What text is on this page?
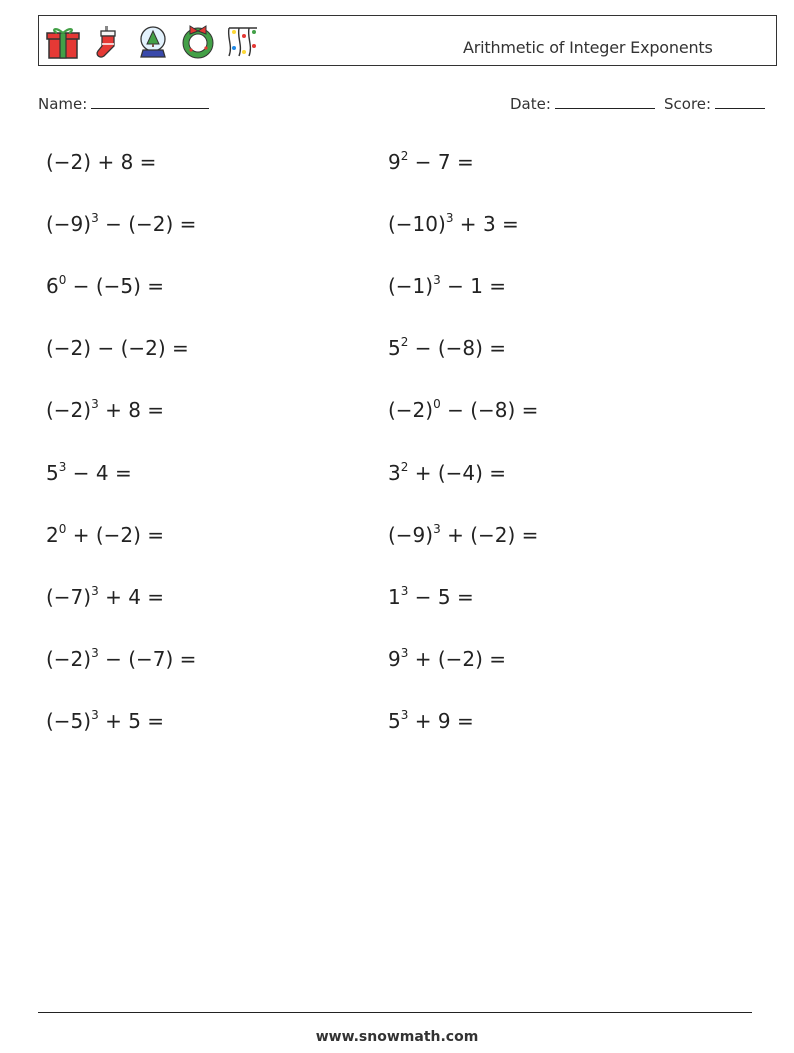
Arithmetic of Integer Exponents
Name:	Date:	Score:
(−2) + 8 =
$(-9)^3 - (-2)$ =
$6^0 - (-5)$ =
(−2) − (−2) =
$(-2)^3 + 8$ =
$5^3 - 4$ =
$2^0 + (-2)$ =
$(-7)^3 + 4$ =
$(-2)^3 - (-7)$ =
$(-5)^3 + 5$ =
$9^2 - 7$ =
$(-10)^3 + 3$ =
$(-1)^3 - 1$ =
$5^2 - (-8)$ =
$(-2)^0 - (-8)$ =
$3^2 + (-4)$ =
$(-9)^3 + (-2)$ =
$1^3 - 5$ =
$9^3 + (-2)$ =
$5^3 + 9$ =
www.snowmath.com
